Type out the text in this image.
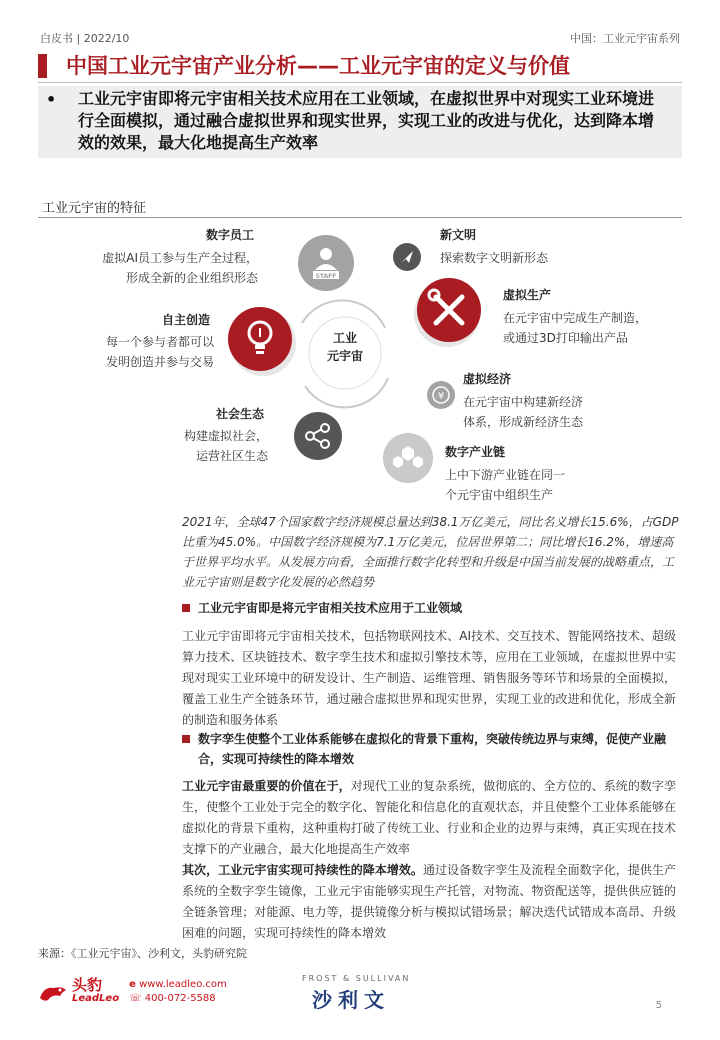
白皮书 | 2022/10	中国：工业元宇宙系列
中国工业元宇宙产业分析——工业元宇宙的定义与价值
• 工业元宇宙即将元宇宙相关技术应用在工业领域，在虚拟世界中对现实工业环境进行全面模拟，通过融合虚拟世界和现实世界，实现工业的改进与优化，达到降本增效的效果，最大化地提高生产效率
工业元宇宙的特征
STAFF
¥
工业
元宇宙
数字员工
虚拟AI员工参与生产全过程，
形成全新的企业组织形态
新文明
探索数字文明新形态
虚拟生产
在元宇宙中完成生产制造，
或通过3D打印输出产品
自主创造
每一个参与者都可以
发明创造并参与交易
虚拟经济
在元宇宙中构建新经济
体系，形成新经济生态
社会生态
构建虚拟社会，
运营社区生态	数字产业链
上中下游产业链在同一
个元宇宙中组织生产
2021年，全球47个国家数字经济规模总量达到38.1万亿美元，同比名义增长15.6%，占GDP比重为45.0%。中国数字经济规模为7.1万亿美元，位居世界第二；同比增长16.2%，增速高于世界平均水平。从发展方向看，全面推行数字化转型和升级是中国当前发展的战略重点，工业元宇宙则是数字化发展的必然趋势
工业元宇宙即是将元宇宙相关技术应用于工业领域
工业元宇宙即将元宇宙相关技术，包括物联网技术、AI技术、交互技术、智能网络技术、超级算力技术、区块链技术、数字孪生技术和虚拟引擎技术等，应用在工业领域，在虚拟世界中实现对现实工业环境中的研发设计、生产制造、运维管理、销售服务等环节和场景的全面模拟，覆盖工业生产全链条环节，通过融合虚拟世界和现实世界，实现工业的改进和优化，形成全新的制造和服务体系
数字孪生使整个工业体系能够在虚拟化的背景下重构，突破传统边界与束缚，促使产业融合，实现可持续性的降本增效
工业元宇宙最重要的价值在于，对现代工业的复杂系统，做彻底的、全方位的、系统的数字孪生，使整个工业处于完全的数字化、智能化和信息化的直观状态，并且使整个工业体系能够在虚拟化的背景下重构，这种重构打破了传统工业、行业和企业的边界与束缚，真正实现在技术支撑下的产业融合，最大化地提高生产效率
其次，工业元宇宙实现可持续性的降本增效。通过设备数字孪生及流程全面数字化，提供生产系统的全数字孪生镜像，工业元宇宙能够实现生产托管，对物流、物资配送等，提供供应链的全链条管理；对能源、电力等，提供镜像分析与模拟试错场景；解决迭代试错成本高昂、升级困难的问题，实现可持续性的降本增效
来源：《工业元宇宙》、沙利文，头豹研究院
头豹
LeadLeo
e www.leadleo.com
☏ 400-072-5588
FROST & SULLIVAN
沙利文	5
